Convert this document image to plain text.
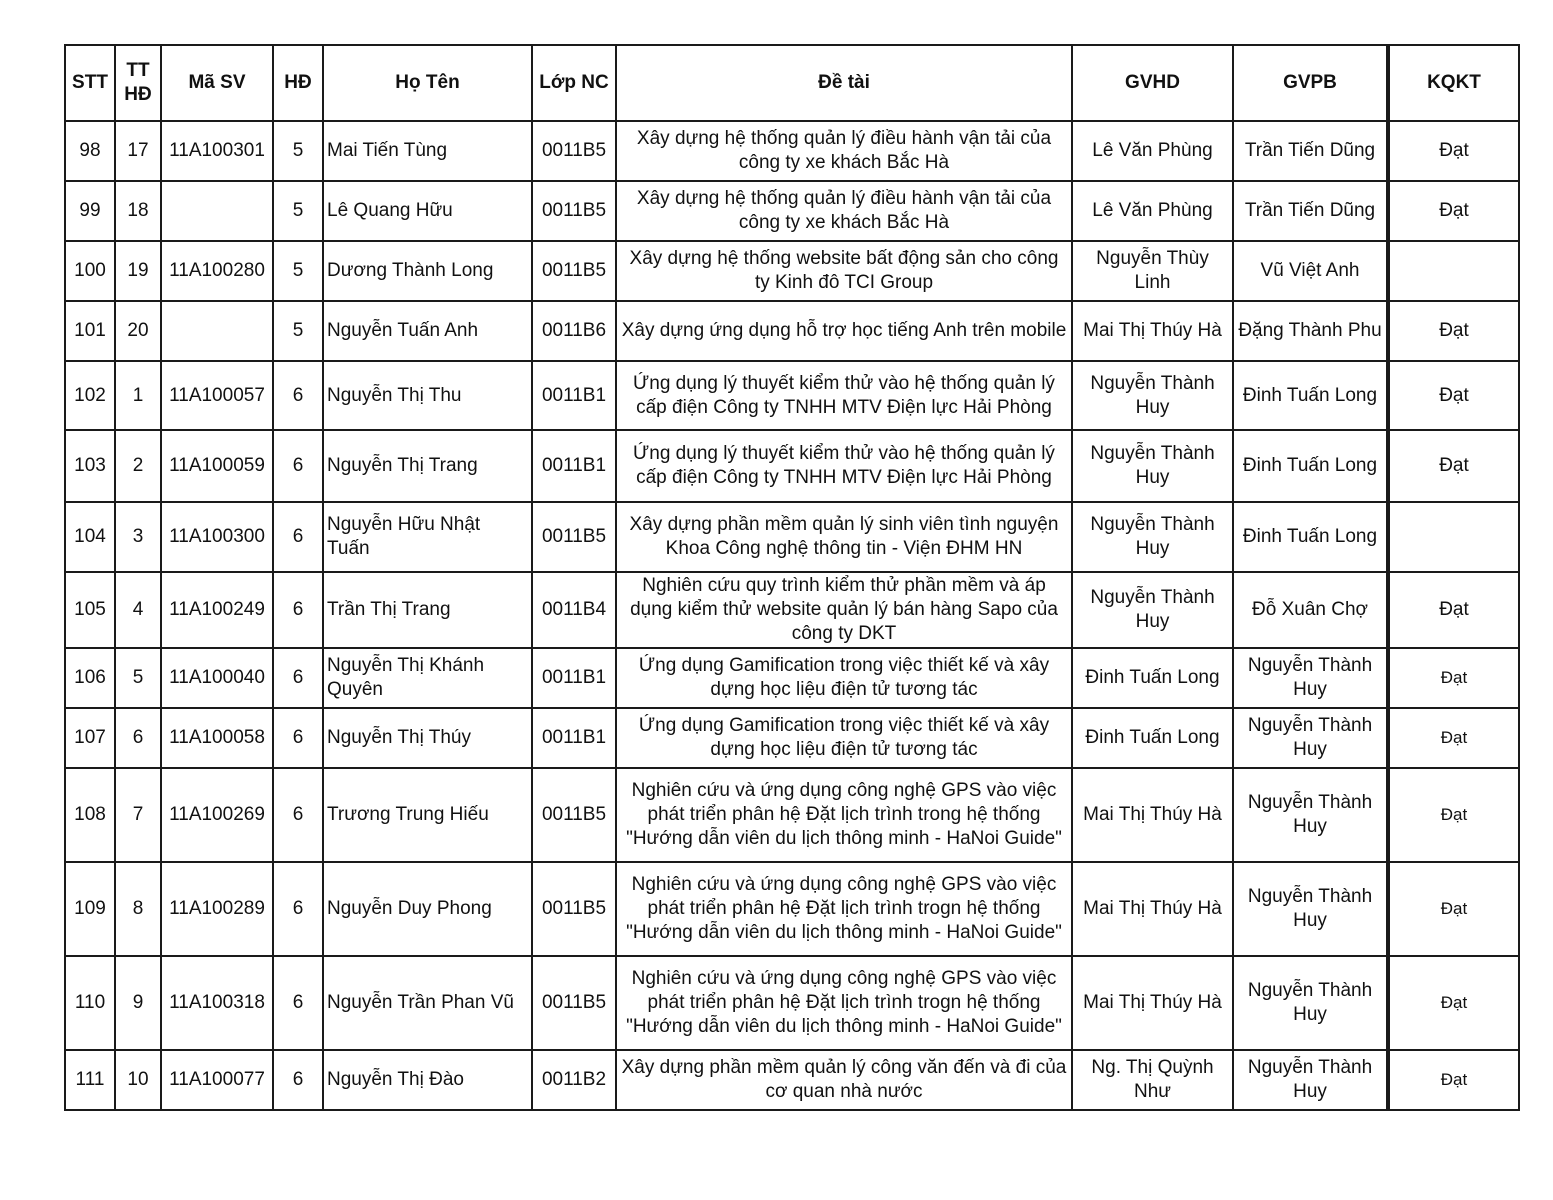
STT	TT HĐ	Mã SV	HĐ	Họ Tên	Lớp NC	Đề tài	GVHD	GVPB	KQKT
98	17	11A100301	5	Mai Tiến Tùng	0011B5	Xây dựng hệ thống quản lý điều hành vận tải của công ty xe khách Bắc Hà	Lê Văn Phùng	Trần Tiến Dũng	Đạt
99	18		5	Lê Quang Hữu	0011B5	Xây dựng hệ thống quản lý điều hành vận tải của công ty xe khách Bắc Hà	Lê Văn Phùng	Trần Tiến Dũng	Đạt
100	19	11A100280	5	Dương Thành Long	0011B5	Xây dựng hệ thống website bất động sản cho công ty Kinh đô TCI Group	Nguyễn Thùy Linh	Vũ Việt Anh	
101	20		5	Nguyễn Tuấn Anh	0011B6	Xây dựng ứng dụng hỗ trợ học tiếng Anh trên mobile	Mai Thị Thúy Hà	Đặng Thành Phu	Đạt
102	1	11A100057	6	Nguyễn Thị Thu	0011B1	Ứng dụng lý thuyết kiểm thử vào hệ thống quản lý cấp điện Công ty TNHH MTV Điện lực Hải Phòng	Nguyễn Thành Huy	Đinh Tuấn Long	Đạt
103	2	11A100059	6	Nguyễn Thị Trang	0011B1	Ứng dụng lý thuyết kiểm thử vào hệ thống quản lý cấp điện Công ty TNHH MTV Điện lực Hải Phòng	Nguyễn Thành Huy	Đinh Tuấn Long	Đạt
104	3	11A100300	6	Nguyễn Hữu Nhật Tuấn	0011B5	Xây dựng phần mềm quản lý sinh viên tình nguyện Khoa Công nghệ thông tin - Viện ĐHM HN	Nguyễn Thành Huy	Đinh Tuấn Long	
105	4	11A100249	6	Trần Thị Trang	0011B4	Nghiên cứu quy trình kiểm thử phần mềm và áp dụng kiểm thử website quản lý bán hàng Sapo của công ty DKT	Nguyễn Thành Huy	Đỗ Xuân Chợ	Đạt
106	5	11A100040	6	Nguyễn Thị Khánh Quyên	0011B1	Ứng dụng Gamification trong việc thiết kế và xây dựng học liệu điện tử tương tác	Đinh Tuấn Long	Nguyễn Thành Huy	Đạt
107	6	11A100058	6	Nguyễn Thị Thúy	0011B1	Ứng dụng Gamification trong việc thiết kế và xây dựng học liệu điện tử tương tác	Đinh Tuấn Long	Nguyễn Thành Huy	Đạt
108	7	11A100269	6	Trương Trung Hiếu	0011B5	Nghiên cứu và ứng dụng công nghệ GPS vào việc phát triển phân hệ Đặt lịch trình trong hệ thống "Hướng dẫn viên du lịch thông minh - HaNoi Guide"	Mai Thị Thúy Hà	Nguyễn Thành Huy	Đạt
109	8	11A100289	6	Nguyễn Duy Phong	0011B5	Nghiên cứu và ứng dụng công nghệ GPS vào việc phát triển phân hệ Đặt lịch trình trogn hệ thống "Hướng dẫn viên du lịch thông minh - HaNoi Guide"	Mai Thị Thúy Hà	Nguyễn Thành Huy	Đạt
110	9	11A100318	6	Nguyễn Trần Phan Vũ	0011B5	Nghiên cứu và ứng dụng công nghệ GPS vào việc phát triển phân hệ Đặt lịch trình trogn hệ thống "Hướng dẫn viên du lịch thông minh - HaNoi Guide"	Mai Thị Thúy Hà	Nguyễn Thành Huy	Đạt
111	10	11A100077	6	Nguyễn Thị Đào	0011B2	Xây dựng phần mềm quản lý công văn đến và đi của cơ quan nhà nước	Ng. Thị Quỳnh Như	Nguyễn Thành Huy	Đạt
